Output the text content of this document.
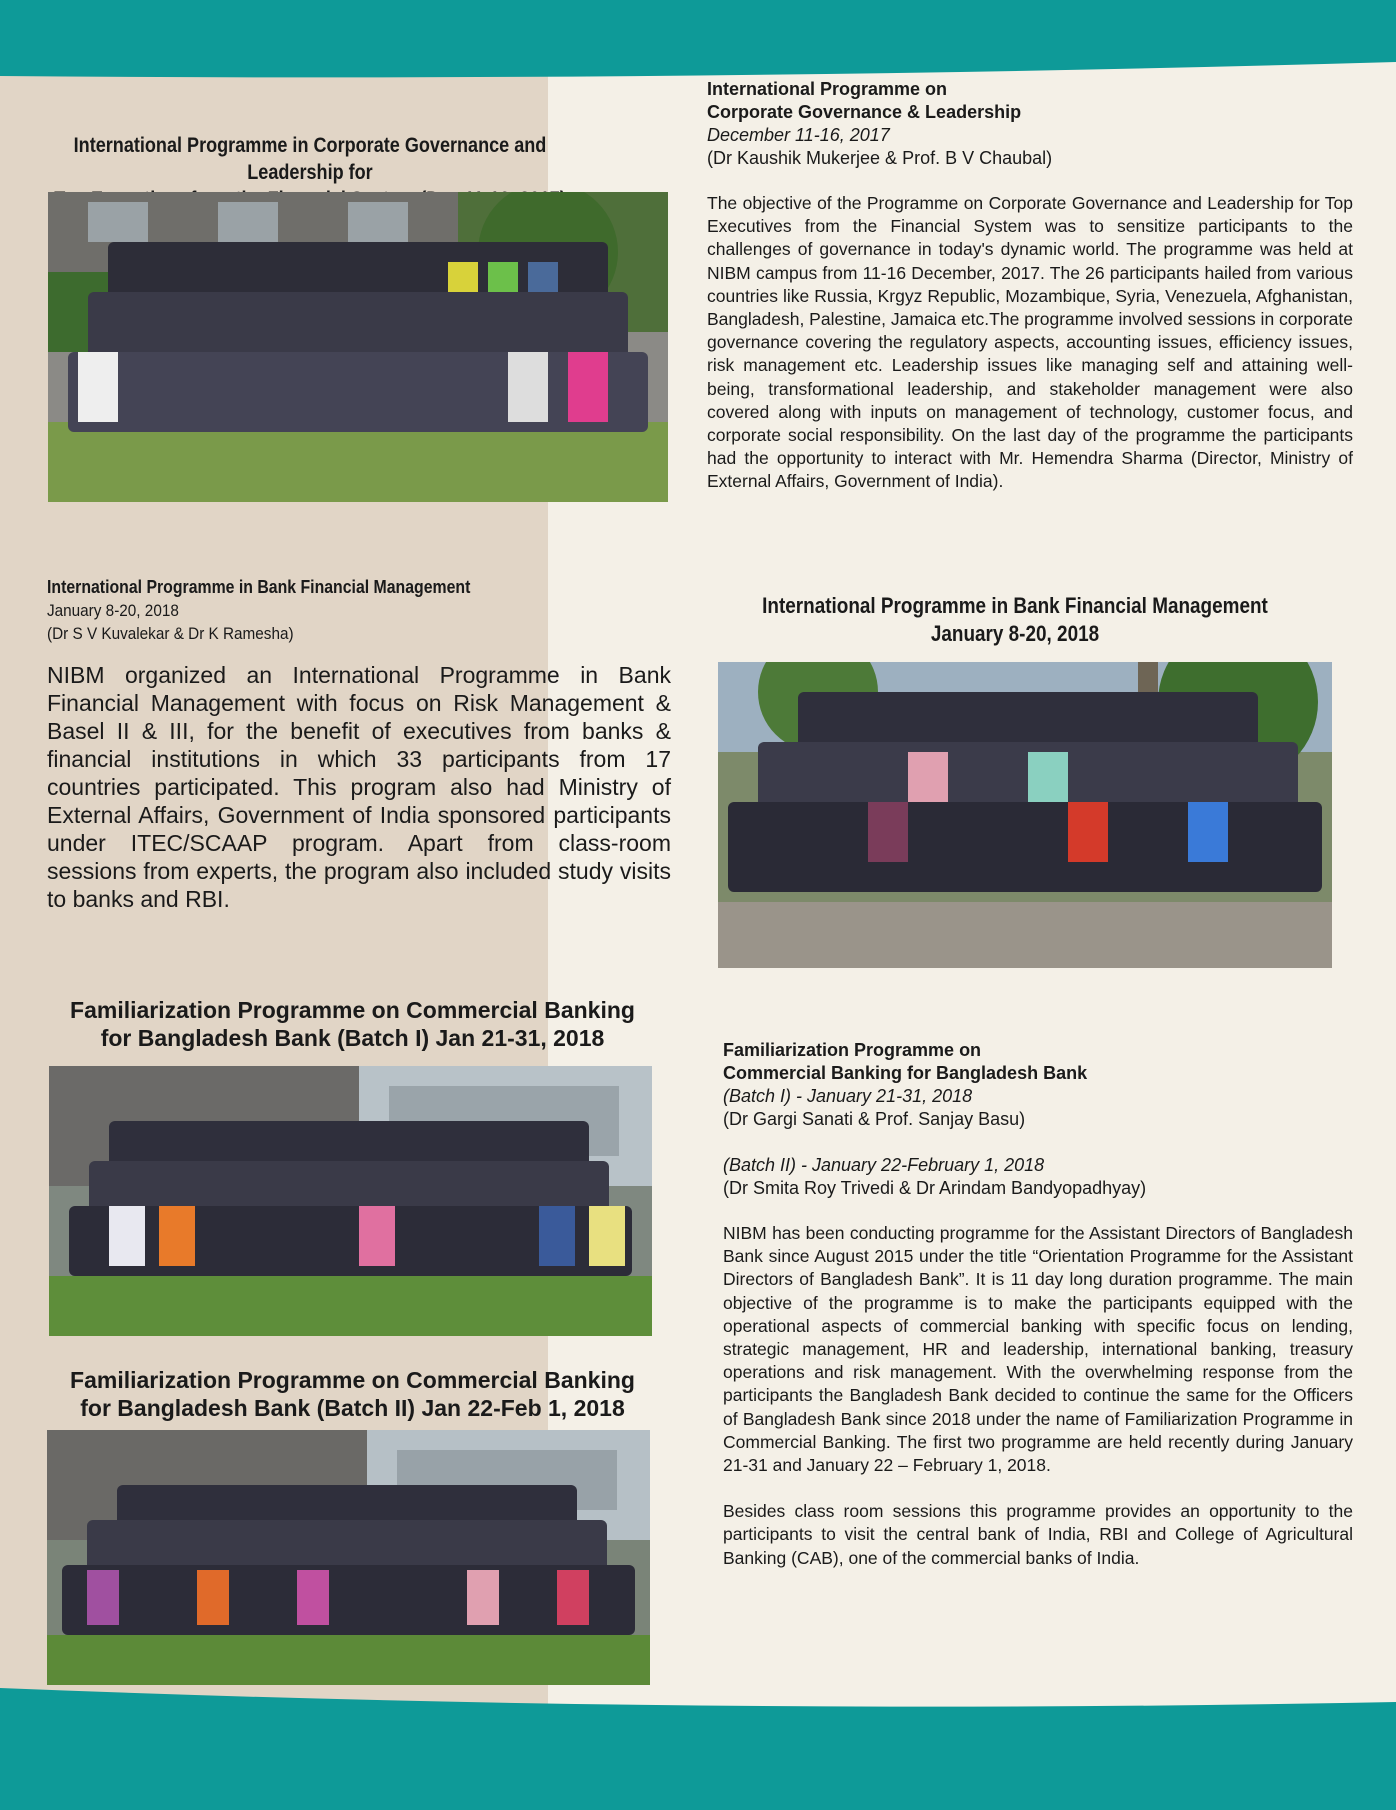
International Programme in Corporate Governance and Leadership for
International Programme on
Corporate Governance & Leadership
December 11-16, 2017
(Dr Kaushik Mukerjee & Prof. B V Chaubal)
The objective of the Programme on Corporate Governance and Leadership for Top Executives from the Financial System was to sensitize participants to the challenges of governance in today's dynamic world. The programme was held at NIBM campus from 11-16 December, 2017. The 26 participants hailed from various countries like Russia, Krgyz Republic, Mozambique, Syria, Venezuela, Afghanistan, Bangladesh, Palestine, Jamaica etc.The programme involved sessions in corporate governance covering the regulatory aspects, accounting issues, efficiency issues, risk management etc. Leadership issues like managing self and attaining well-being, transformational leadership, and stakeholder management were also covered along with inputs on management of technology, customer focus, and corporate social responsibility. On the last day of the programme the participants had the opportunity to interact with Mr. Hemendra Sharma (Director, Ministry of External Affairs, Government of India).
International Programme in Bank Financial Management
January 8-20, 2018
(Dr S V Kuvalekar & Dr K Ramesha)
NIBM organized an International Programme in Bank Financial Management with focus on Risk Management & Basel II & III, for the benefit of executives from banks & financial institutions in which 33 participants from 17 countries participated. This program also had Ministry of External Affairs, Government of India sponsored participants under ITEC/SCAAP program. Apart from class-room sessions from experts, the program also included study visits to banks and RBI.
International Programme in Bank Financial Management
January 8-20, 2018
Familiarization Programme on Commercial Banking
for Bangladesh Bank (Batch I) Jan 21-31, 2018
Familiarization Programme on Commercial Banking
for Bangladesh Bank (Batch II) Jan 22-Feb 1, 2018
Familiarization Programme on
Commercial Banking for Bangladesh Bank
(Batch I) - January 21-31, 2018
(Dr Gargi Sanati & Prof. Sanjay Basu)
(Batch II) - January 22-February 1, 2018
(Dr Smita Roy Trivedi & Dr Arindam Bandyopadhyay)
NIBM has been conducting programme for the Assistant Directors of Bangladesh Bank since August 2015 under the title “Orientation Programme for the Assistant Directors of Bangladesh Bank”. It is 11 day long duration programme. The main objective of the programme is to make the participants equipped with the operational aspects of commercial banking with specific focus on lending, strategic management, HR and leadership, international banking, treasury operations and risk management. With the overwhelming response from the participants the Bangladesh Bank decided to continue the same for the Officers of Bangladesh Bank since 2018 under the name of Familiarization Programme in Commercial Banking. The first two programme are held recently during January 21-31 and January 22 – February 1, 2018.
Besides class room sessions this programme provides an opportunity to the participants to visit the central bank of India, RBI and College of Agricultural Banking (CAB), one of the commercial banks of India.
